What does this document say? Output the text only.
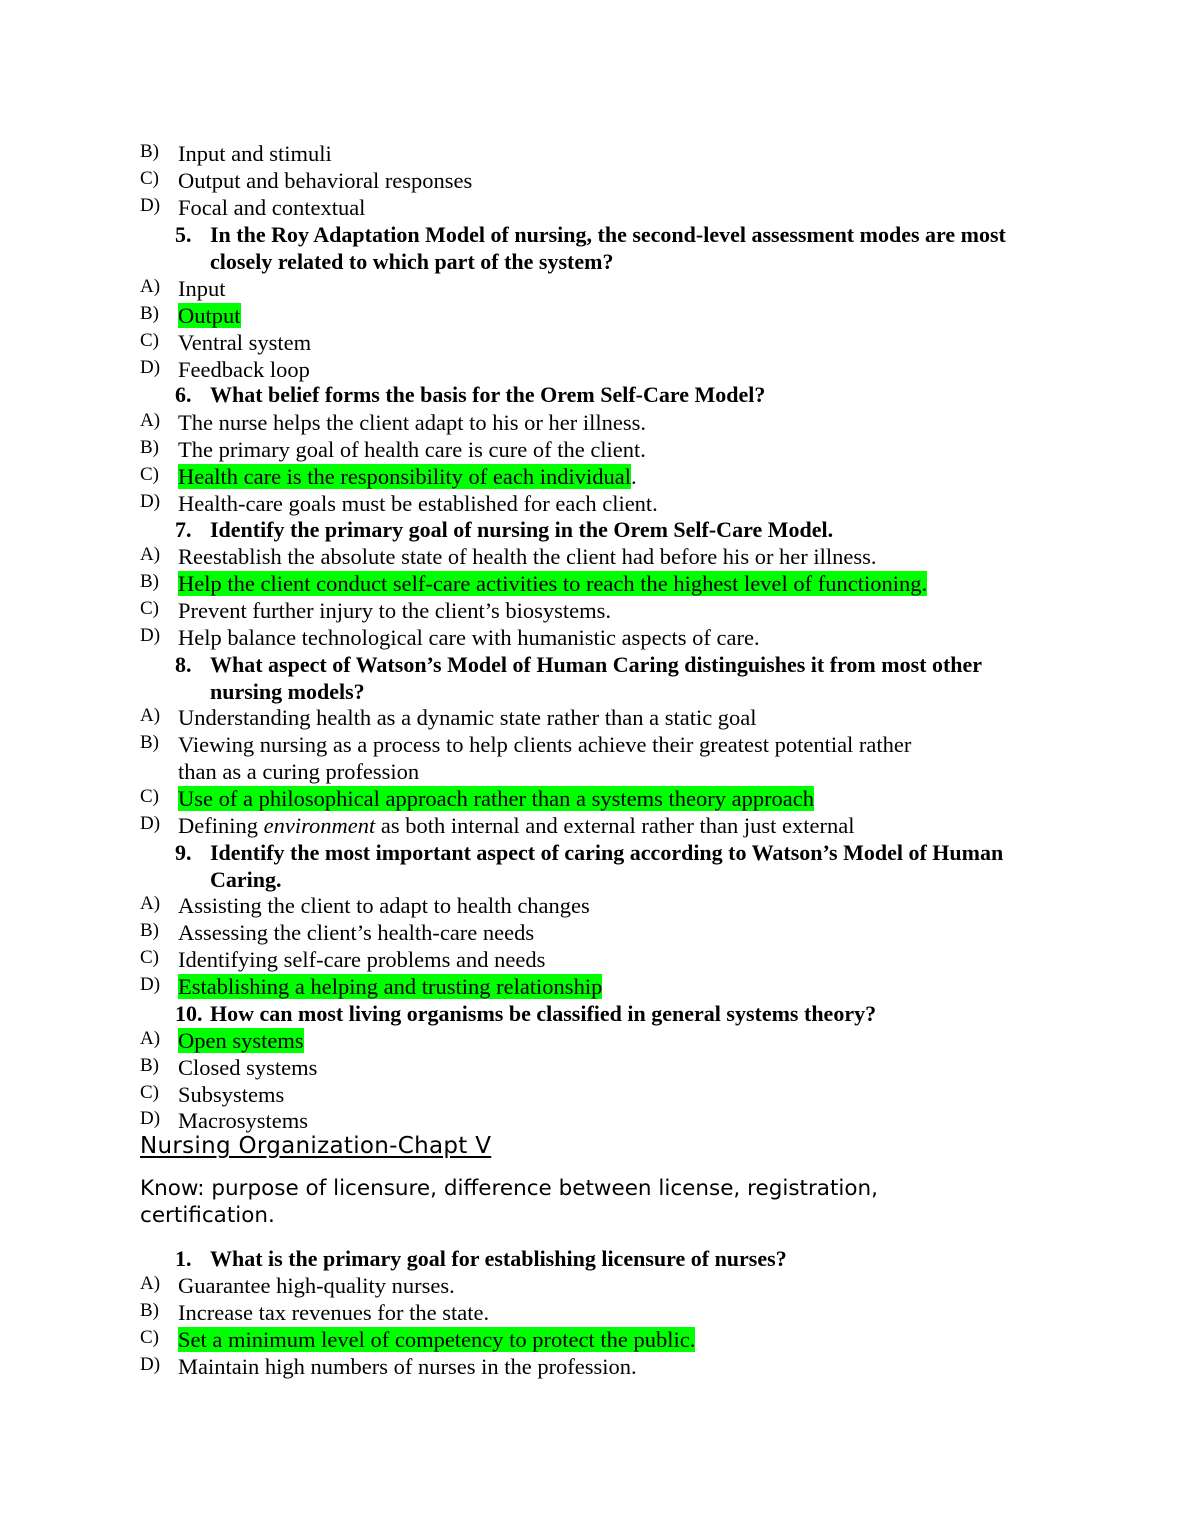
B) Input and stimuli
C) Output and behavioral responses
D) Focal and contextual
5. In the Roy Adaptation Model of nursing, the second-level assessment modes are most closely related to which part of the system?
A) Input
B) Output
C) Ventral system
D) Feedback loop
6. What belief forms the basis for the Orem Self-Care Model?
A) The nurse helps the client adapt to his or her illness.
B) The primary goal of health care is cure of the client.
C) Health care is the responsibility of each individual.
D) Health-care goals must be established for each client.
7. Identify the primary goal of nursing in the Orem Self-Care Model.
A) Reestablish the absolute state of health the client had before his or her illness.
B) Help the client conduct self-care activities to reach the highest level of functioning.
C) Prevent further injury to the client’s biosystems.
D) Help balance technological care with humanistic aspects of care.
8. What aspect of Watson’s Model of Human Caring distinguishes it from most other nursing models?
A) Understanding health as a dynamic state rather than a static goal
B) Viewing nursing as a process to help clients achieve their greatest potential rather than as a curing profession
C) Use of a philosophical approach rather than a systems theory approach
D) Defining environment as both internal and external rather than just external
9. Identify the most important aspect of caring according to Watson’s Model of Human Caring.
A) Assisting the client to adapt to health changes
B) Assessing the client’s health-care needs
C) Identifying self-care problems and needs
D) Establishing a helping and trusting relationship
10. How can most living organisms be classified in general systems theory?
A) Open systems
B) Closed systems
C) Subsystems
D) Macrosystems
Nursing Organization-Chapt V
Know: purpose of licensure, difference between license, registration, certification.
1. What is the primary goal for establishing licensure of nurses?
A) Guarantee high-quality nurses.
B) Increase tax revenues for the state.
C) Set a minimum level of competency to protect the public.
D) Maintain high numbers of nurses in the profession.
